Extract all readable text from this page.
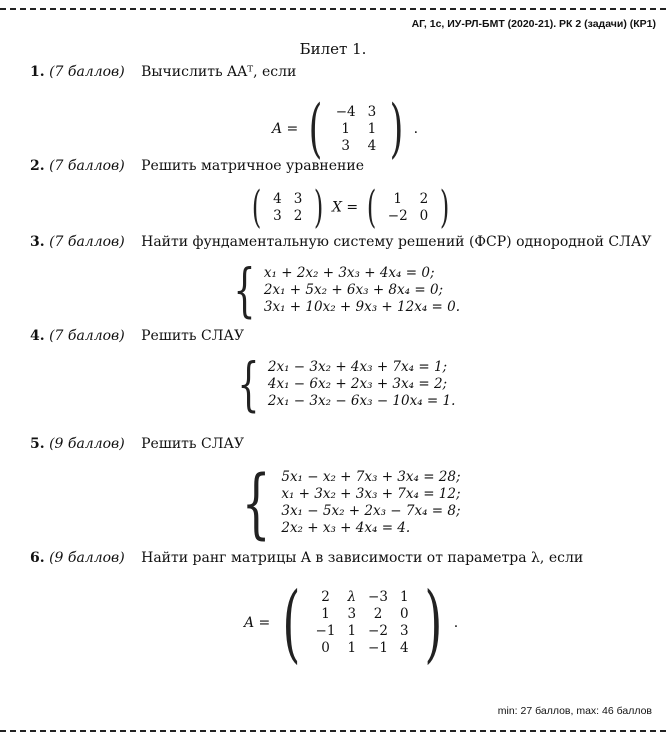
АГ, 1с, ИУ-РЛ-БМТ (2020-21). РК 2 (задачи) (КР1)
Билет 1.
1. (7 баллов) Вычислить AAᵀ, если
A = ( −4	3
1	1
3	4 ) .
2. (7 баллов) Решить матричное уравнение
( 4	3
3	2 ) X = ( 1	2
−2	0 )
3. (7 баллов) Найти фундаментальную систему решений (ФСР) однородной СЛАУ
{ x₁ + 2x₂ + 3x₃ + 4x₄ = 0;
2x₁ + 5x₂ + 6x₃ + 8x₄ = 0;
3x₁ + 10x₂ + 9x₃ + 12x₄ = 0.
4. (7 баллов) Решить СЛАУ
{ 2x₁ − 3x₂ + 4x₃ + 7x₄ = 1;
4x₁ − 6x₂ + 2x₃ + 3x₄ = 2;
2x₁ − 3x₂ − 6x₃ − 10x₄ = 1.
5. (9 баллов) Решить СЛАУ
{ 5x₁ − x₂ + 7x₃ + 3x₄ = 28;
x₁ + 3x₂ + 3x₃ + 7x₄ = 12;
3x₁ − 5x₂ + 2x₃ − 7x₄ = 8;
2x₂ + x₃ + 4x₄ = 4.
6. (9 баллов) Найти ранг матрицы A в зависимости от параметра λ, если
A = ( 2	λ	−3	1
1	3	2	0
−1	1	−2	3
0	1	−1	4 ) .
min: 27 баллов, max: 46 баллов
